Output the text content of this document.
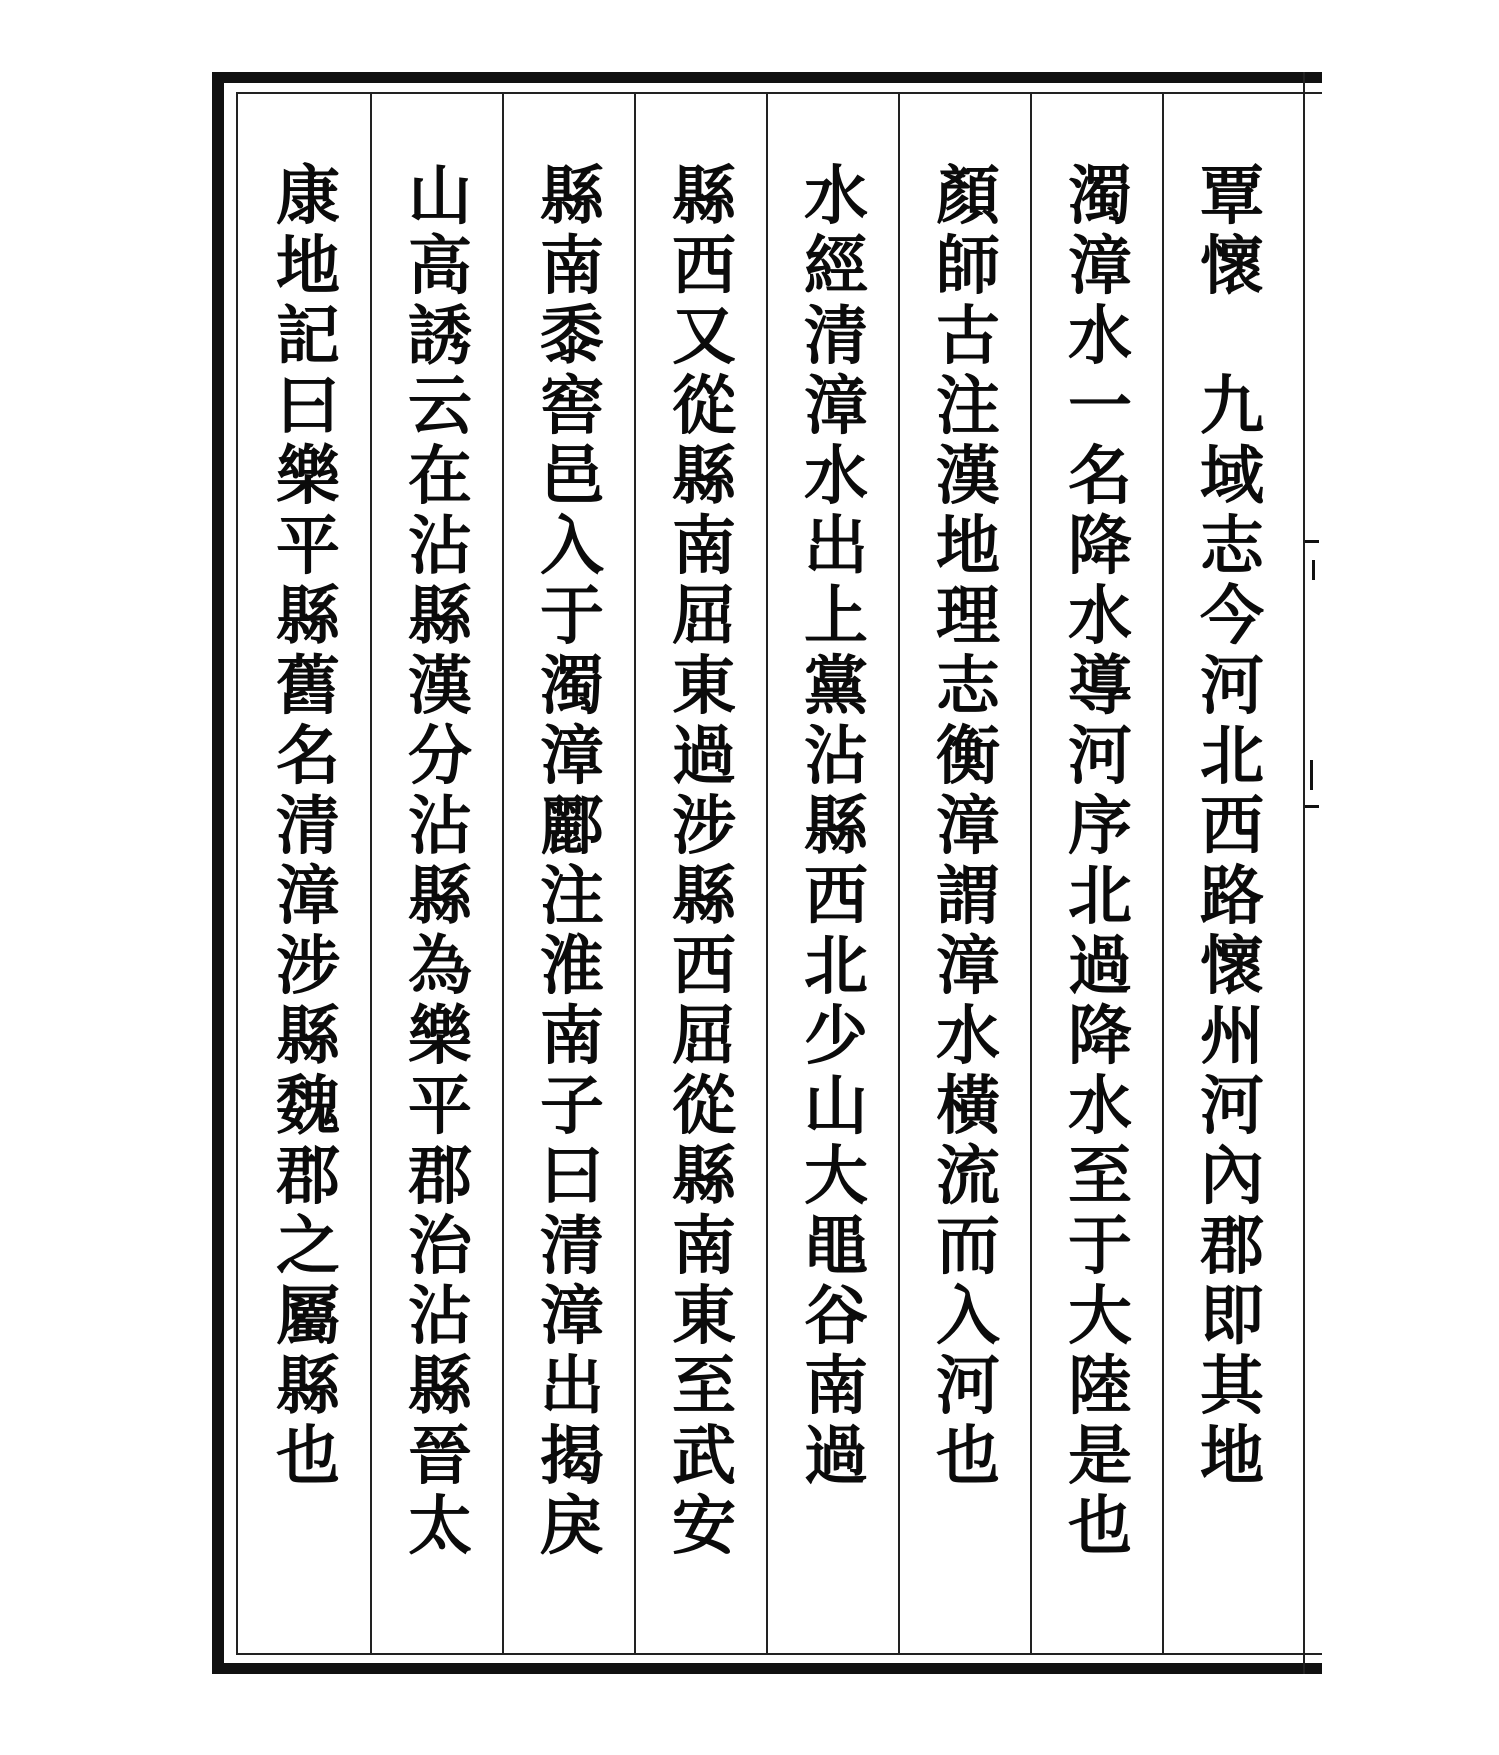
覃
懷
九
域
志
今
河
北
西
路
懷
州
河
內
郡
即
其
地
濁
漳
水
一
名
降
水
導
河
序
北
過
降
水
至
于
大
陸
是
也
顏
師
古
注
漢
地
理
志
衡
漳
謂
漳
水
橫
流
而
入
河
也
水
經
清
漳
水
出
上
黨
沾
縣
西
北
少
山
大
黽
谷
南
過
縣
西
又
從
縣
南
屈
東
過
涉
縣
西
屈
從
縣
南
東
至
武
安
縣
南
黍
窖
邑
入
于
濁
漳
酈
注
淮
南
子
曰
清
漳
出
揭
戾
山
高
誘
云
在
沾
縣
漢
分
沾
縣
為
樂
平
郡
治
沾
縣
晉
太
康
地
記
曰
樂
平
縣
舊
名
清
漳
涉
縣
魏
郡
之
屬
縣
也
